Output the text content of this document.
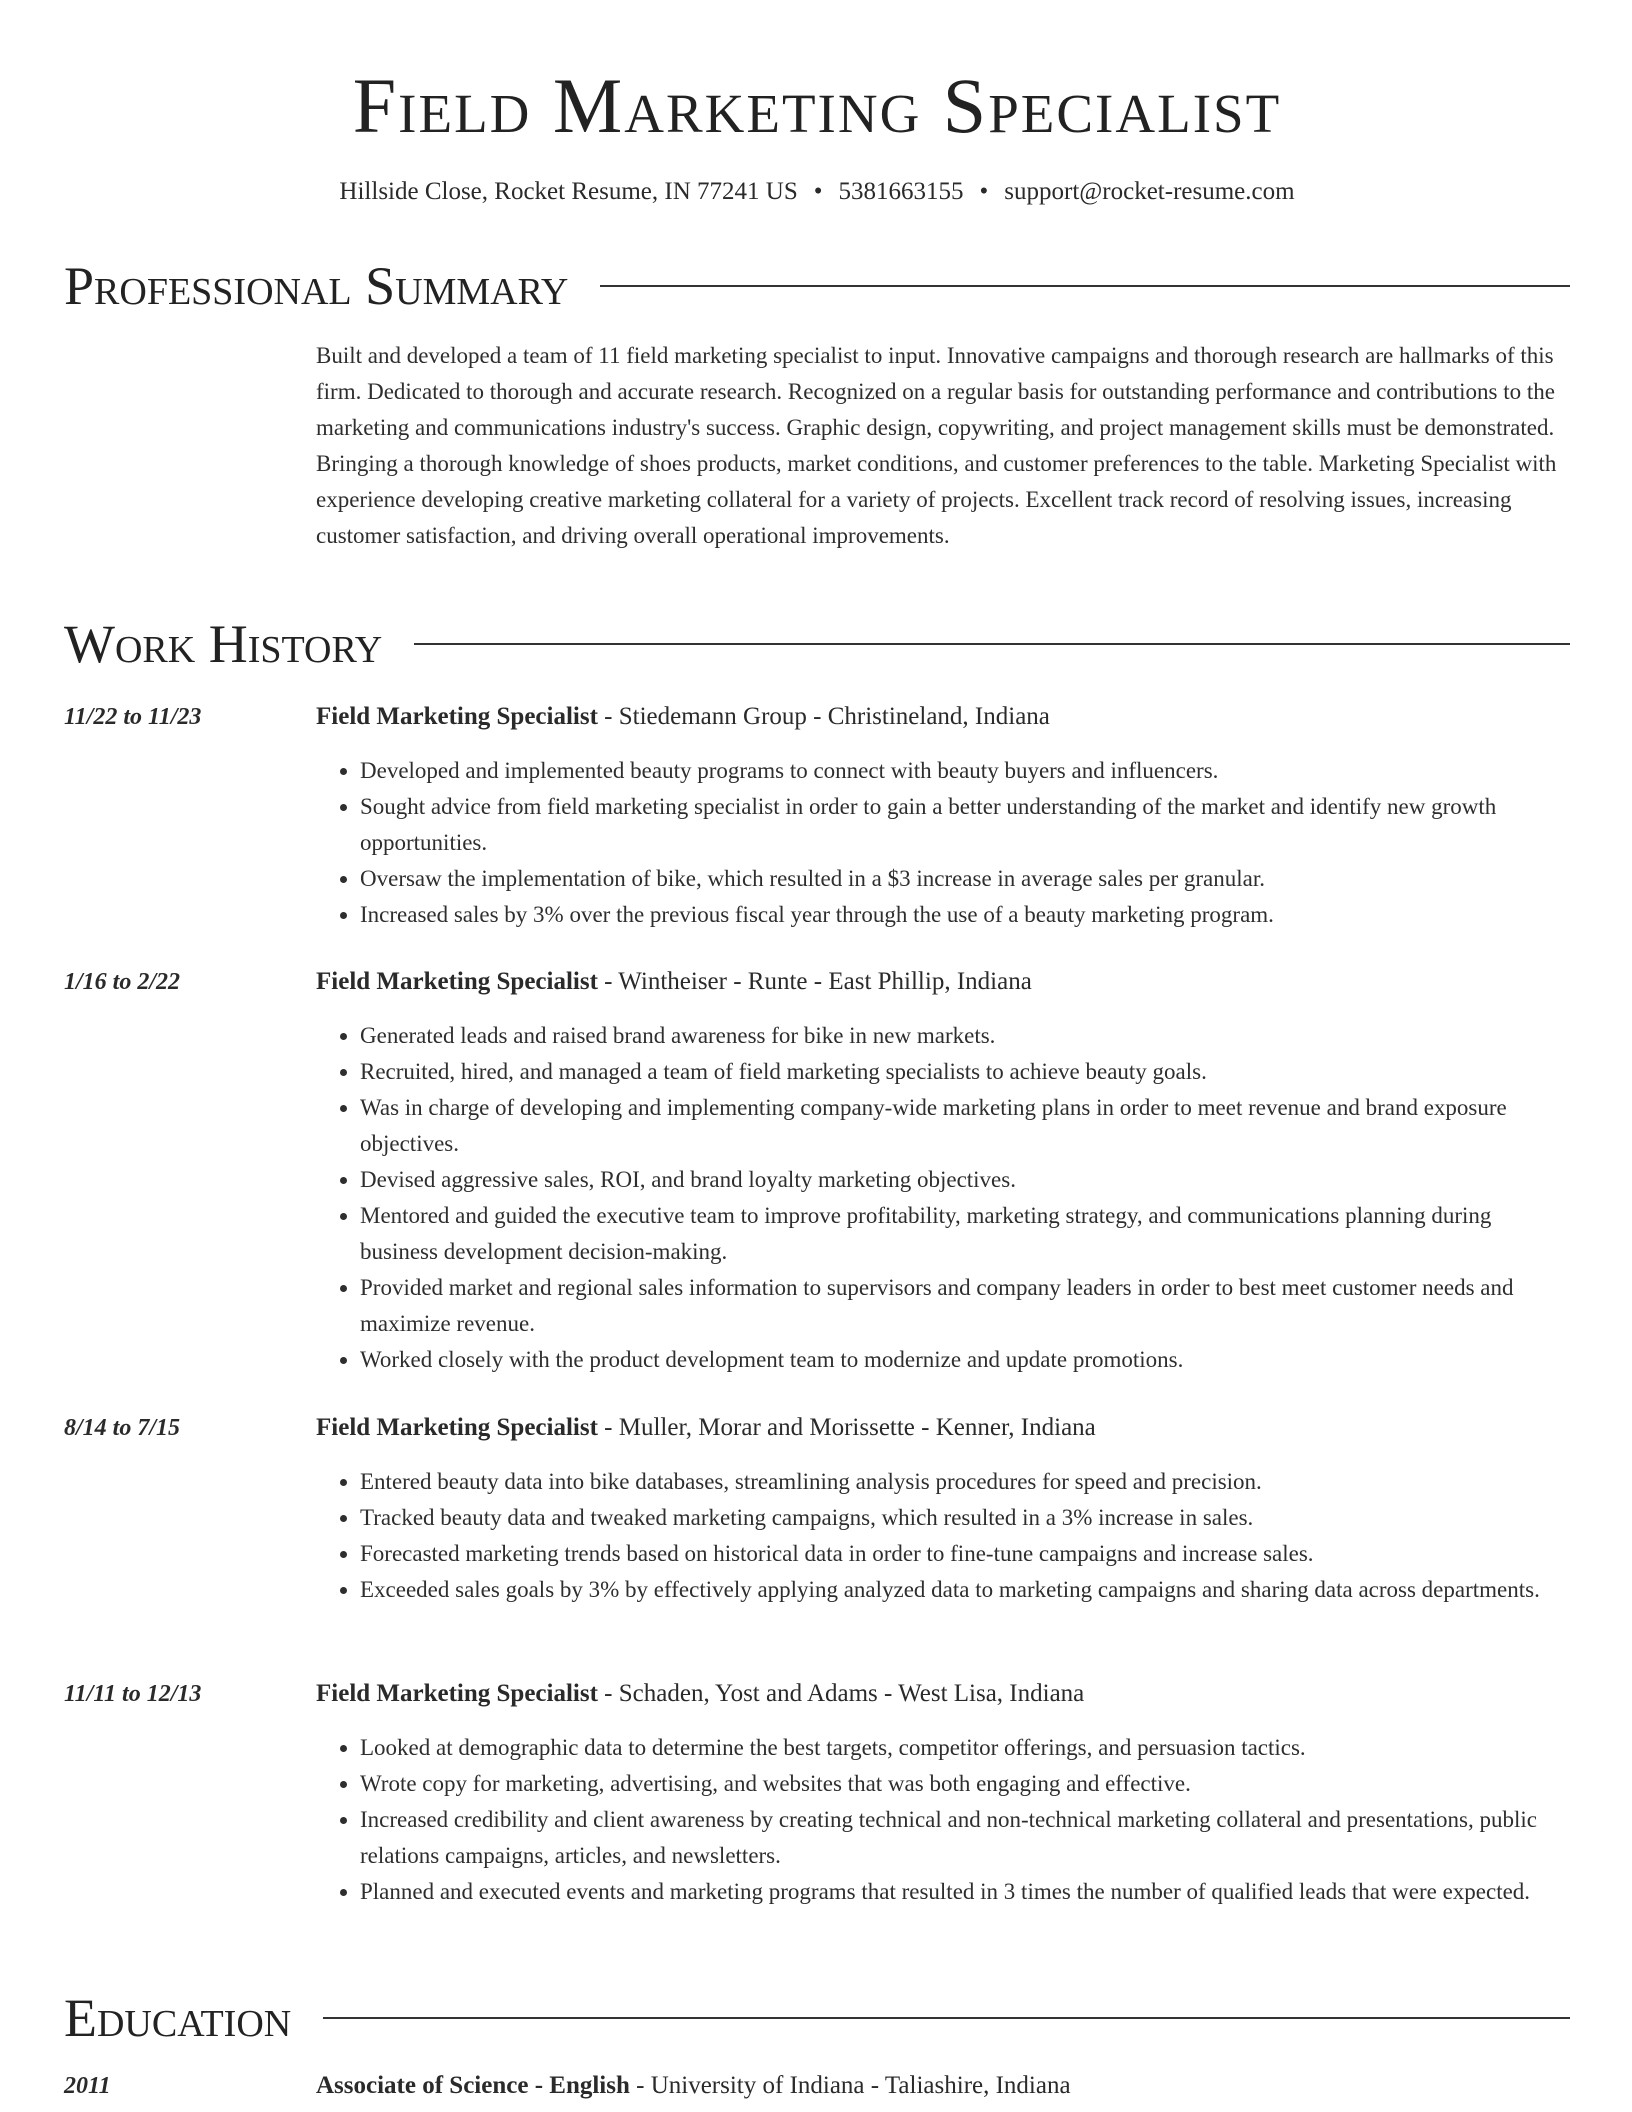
Field Marketing Specialist
Hillside Close, Rocket Resume, IN 77241 US • 5381663155 • support@rocket-resume.com
Professional Summary

Built and developed a team of 11 field marketing specialist to input. Innovative campaigns and thorough research are hallmarks of this firm. Dedicated to thorough and accurate research. Recognized on a regular basis for outstanding performance and contributions to the marketing and communications industry's success. Graphic design, copywriting, and project management skills must be demonstrated. Bringing a thorough knowledge of shoes products, market conditions, and customer preferences to the table. Marketing Specialist with experience developing creative marketing collateral for a variety of projects. Excellent track record of resolving issues, increasing customer satisfaction, and driving overall operational improvements.

Work History
11/22 to 11/23	Field Marketing Specialist - Stiedemann Group - Christineland, Indiana
• Developed and implemented beauty programs to connect with beauty buyers and influencers.
• Sought advice from field marketing specialist in order to gain a better understanding of the market and identify new growth opportunities.
• Oversaw the implementation of bike, which resulted in a $3 increase in average sales per granular.
• Increased sales by 3% over the previous fiscal year through the use of a beauty marketing program.
1/16 to 2/22	Field Marketing Specialist - Wintheiser - Runte - East Phillip, Indiana
• Generated leads and raised brand awareness for bike in new markets.
• Recruited, hired, and managed a team of field marketing specialists to achieve beauty goals.
• Was in charge of developing and implementing company-wide marketing plans in order to meet revenue and brand exposure objectives.
• Devised aggressive sales, ROI, and brand loyalty marketing objectives.
• Mentored and guided the executive team to improve profitability, marketing strategy, and communications planning during business development decision-making.
• Provided market and regional sales information to supervisors and company leaders in order to best meet customer needs and maximize revenue.
• Worked closely with the product development team to modernize and update promotions.
8/14 to 7/15	Field Marketing Specialist - Muller, Morar and Morissette - Kenner, Indiana
• Entered beauty data into bike databases, streamlining analysis procedures for speed and precision.
• Tracked beauty data and tweaked marketing campaigns, which resulted in a 3% increase in sales.
• Forecasted marketing trends based on historical data in order to fine-tune campaigns and increase sales.
• Exceeded sales goals by 3% by effectively applying analyzed data to marketing campaigns and sharing data across departments.
11/11 to 12/13	Field Marketing Specialist - Schaden, Yost and Adams - West Lisa, Indiana
• Looked at demographic data to determine the best targets, competitor offerings, and persuasion tactics.
• Wrote copy for marketing, advertising, and websites that was both engaging and effective.
• Increased credibility and client awareness by creating technical and non-technical marketing collateral and presentations, public relations campaigns, articles, and newsletters.
• Planned and executed events and marketing programs that resulted in 3 times the number of qualified leads that were expected.
Education
2011	Associate of Science - English - University of Indiana - Taliashire, Indiana
